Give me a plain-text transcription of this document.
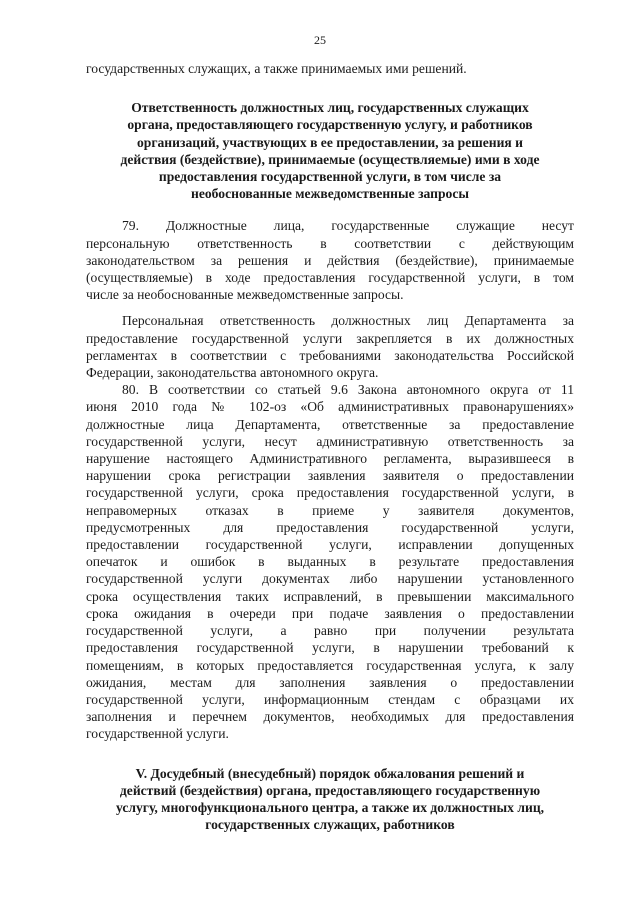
25
государственных служащих, а также принимаемых ими решений.
Ответственность должностных лиц, государственных служащих
органа, предоставляющего государственную услугу, и работников
организаций, участвующих в ее предоставлении, за решения и
действия (бездействие), принимаемые (осуществляемые) ими в ходе
предоставления государственной услуги, в том числе за
необоснованные межведомственные запросы
79. Должностные лица, государственные служащие несут
персональную ответственность в соответствии с действующим
законодательством за решения и действия (бездействие), принимаемые
(осуществляемые) в ходе предоставления государственной услуги, в том
числе за необоснованные межведомственные запросы.
Персональная ответственность должностных лиц Департамента за
предоставление государственной услуги закрепляется в их должностных
регламентах в соответствии с требованиями законодательства Российской
Федерации, законодательства автономного округа.
80. В соответствии со статьей 9.6 Закона автономного округа от 11
июня 2010 года № 102-оз «Об административных правонарушениях»
должностные лица Департамента, ответственные за предоставление
государственной услуги, несут административную ответственность за
нарушение настоящего Административного регламента, выразившееся в
нарушении срока регистрации заявления заявителя о предоставлении
государственной услуги, срока предоставления государственной услуги, в
неправомерных отказах в приеме у заявителя документов,
предусмотренных для предоставления государственной услуги,
предоставлении государственной услуги, исправлении допущенных
опечаток и ошибок в выданных в результате предоставления
государственной услуги документах либо нарушении установленного
срока осуществления таких исправлений, в превышении максимального
срока ожидания в очереди при подаче заявления о предоставлении
государственной услуги, а равно при получении результата
предоставления государственной услуги, в нарушении требований к
помещениям, в которых предоставляется государственная услуга, к залу
ожидания, местам для заполнения заявления о предоставлении
государственной услуги, информационным стендам с образцами их
заполнения и перечнем документов, необходимых для предоставления
государственной услуги.
V. Досудебный (внесудебный) порядок обжалования решений и
действий (бездействия) органа, предоставляющего государственную
услугу, многофункционального центра, а также их должностных лиц,
государственных служащих, работников
